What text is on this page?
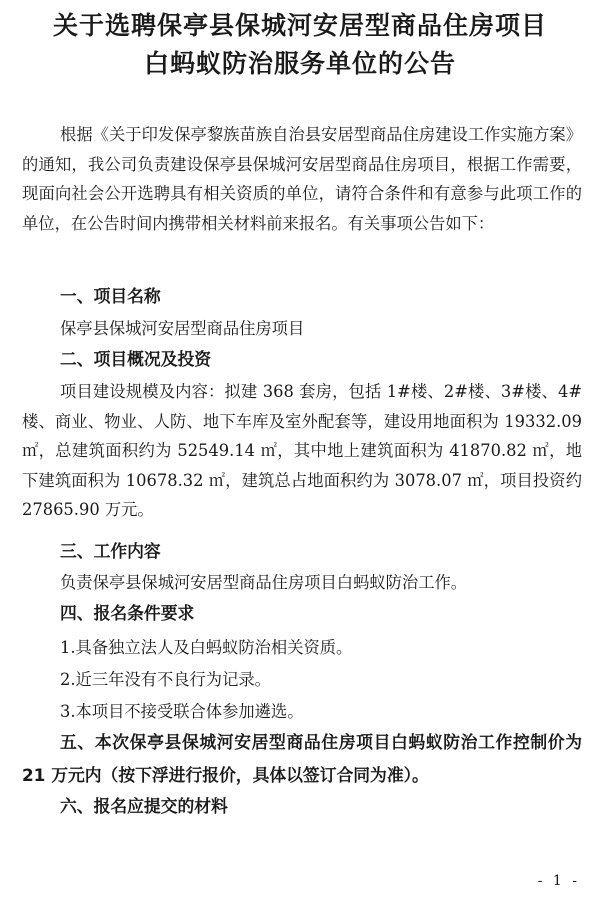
关于选聘保亭县保城河安居型商品住房项目
白蚂蚁防治服务单位的公告
根据《关于印发保亭黎族苗族自治县安居型商品住房建设工作实施方案》的通知，我公司负责建设保亭县保城河安居型商品住房项目，根据工作需要，现面向社会公开选聘具有相关资质的单位，请符合条件和有意参与此项工作的单位，在公告时间内携带相关材料前来报名。有关事项公告如下：
一、项目名称
保亭县保城河安居型商品住房项目
二、项目概况及投资
项目建设规模及内容：拟建 368 套房，包括 1#楼、2#楼、3#楼、4#楼、商业、物业、人防、地下车库及室外配套等，建设用地面积为 19332.09 ㎡，总建筑面积约为 52549.14 ㎡，其中地上建筑面积为 41870.82 ㎡，地下建筑面积为 10678.32 ㎡，建筑总占地面积约为 3078.07 ㎡，项目投资约 27865.90 万元。
三、工作内容
负责保亭县保城河安居型商品住房项目白蚂蚁防治工作。
四、报名条件要求
1.具备独立法人及白蚂蚁防治相关资质。
2.近三年没有不良行为记录。
3.本项目不接受联合体参加遴选。
五、本次保亭县保城河安居型商品住房项目白蚂蚁防治工作控制价为 21 万元内（按下浮进行报价，具体以签订合同为准）。
六、报名应提交的材料
- 1 -
